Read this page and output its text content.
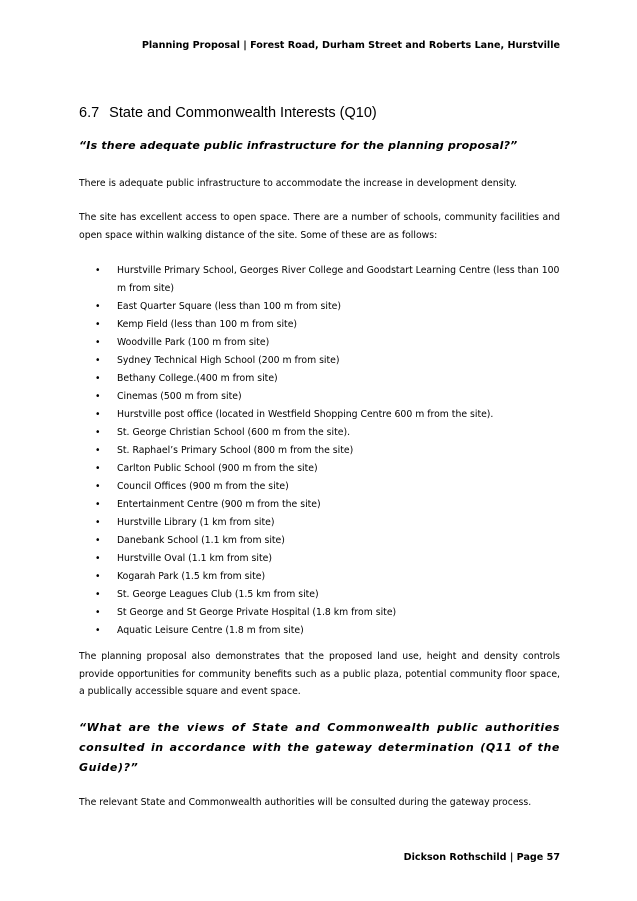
Planning Proposal | Forest Road, Durham Street and Roberts Lane, Hurstville
6.7 State and Commonwealth Interests (Q10)
“Is there adequate public infrastructure for the planning proposal?”
There is adequate public infrastructure to accommodate the increase in development density.
The site has excellent access to open space. There are a number of schools, community facilities and open space within walking distance of the site. Some of these are as follows:
• Hurstville Primary School, Georges River College and Goodstart Learning Centre (less than 100 m from site)
• East Quarter Square (less than 100 m from site)
• Kemp Field (less than 100 m from site)
• Woodville Park (100 m from site)
• Sydney Technical High School (200 m from site)
• Bethany College.(400 m from site)
• Cinemas (500 m from site)
• Hurstville post office (located in Westfield Shopping Centre 600 m from the site).
• St. George Christian School (600 m from the site).
• St. Raphael’s Primary School (800 m from the site)
• Carlton Public School (900 m from the site)
• Council Offices (900 m from the site)
• Entertainment Centre (900 m from the site)
• Hurstville Library (1 km from site)
• Danebank School (1.1 km from site)
• Hurstville Oval (1.1 km from site)
• Kogarah Park (1.5 km from site)
• St. George Leagues Club (1.5 km from site)
• St George and St George Private Hospital (1.8 km from site)
• Aquatic Leisure Centre (1.8 m from site)
The planning proposal also demonstrates that the proposed land use, height and density controls provide opportunities for community benefits such as a public plaza, potential community floor space, a publically accessible square and event space.
“What are the views of State and Commonwealth public authorities consulted in accordance with the gateway determination (Q11 of the Guide)?”
The relevant State and Commonwealth authorities will be consulted during the gateway process.
Dickson Rothschild | Page 57
